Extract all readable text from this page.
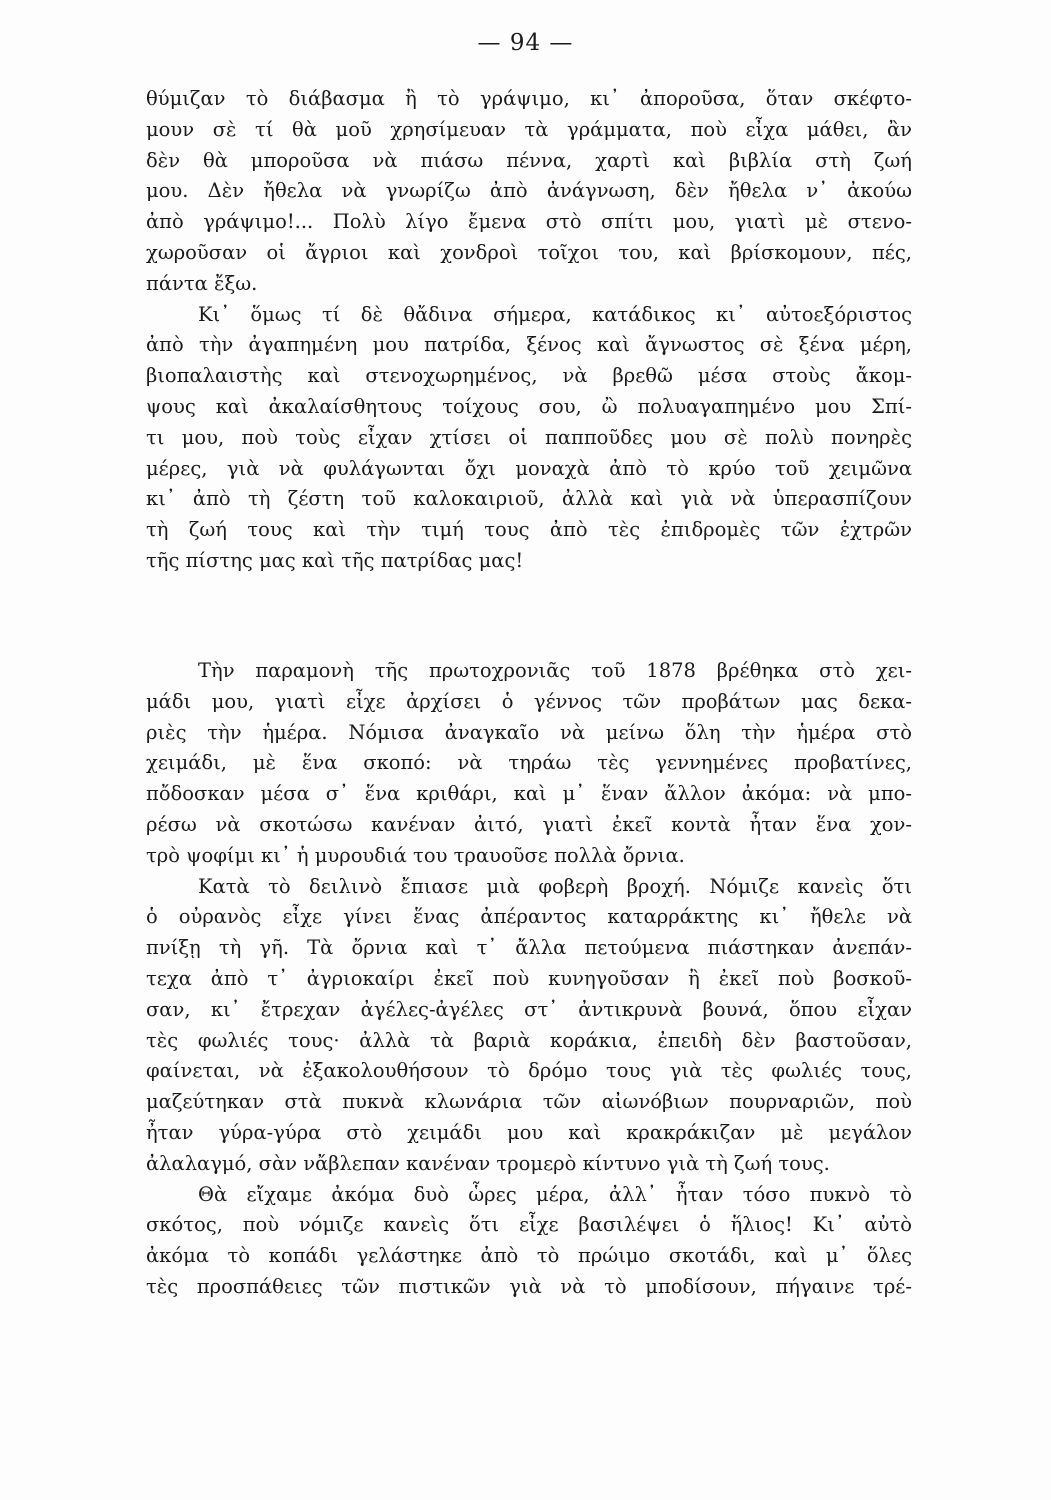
— 94 —
θύμιζαν τὸ διάβασμα ἢ τὸ γράψιμο, κι᾽ ἀποροῦσα, ὅταν σκέφτο-
μουν σὲ τί θὰ μοῦ χρησίμευαν τὰ γράμματα, ποὺ εἶχα μάθει, ἂν
δὲν θὰ μποροῦσα νὰ πιάσω πέννα, χαρτὶ καὶ βιβλία στὴ ζωή
μου. Δὲν ἤθελα νὰ γνωρίζω ἀπὸ ἀνάγνωση, δὲν ἤθελα ν᾽ ἀκούω
ἀπὸ γράψιμο!... Πολὺ λίγο ἔμενα στὸ σπίτι μου, γιατὶ μὲ στενο-
χωροῦσαν οἱ ἄγριοι καὶ χονδροὶ τοῖχοι του, καὶ βρίσκομουν, πές,
πάντα ἔξω.
Κι᾽ ὅμως τί δὲ θἄδινα σήμερα, κατάδικος κι᾽ αὐτοεξόριστος
ἀπὸ τὴν ἀγαπημένη μου πατρίδα, ξένος καὶ ἄγνωστος σὲ ξένα μέρη,
βιοπαλαιστὴς καὶ στενοχωρημένος, νὰ βρεθῶ μέσα στοὺς ἄκομ-
ψους καὶ ἀκαλαίσθητους τοίχους σου, ὢ πολυαγαπημένο μου Σπί-
τι μου, ποὺ τοὺς εἶχαν χτίσει οἱ παπποῦδες μου σὲ πολὺ πονηρὲς
μέρες, γιὰ νὰ φυλάγωνται ὄχι μοναχὰ ἀπὸ τὸ κρύο τοῦ χειμῶνα
κι᾽ ἀπὸ τὴ ζέστη τοῦ καλοκαιριοῦ, ἀλλὰ καὶ γιὰ νὰ ὑπερασπίζουν
τὴ ζωή τους καὶ τὴν τιμή τους ἀπὸ τὲς ἐπιδρομὲς τῶν ἐχτρῶν
τῆς πίστης μας καὶ τῆς πατρίδας μας!
Τὴν παραμονὴ τῆς πρωτοχρονιᾶς τοῦ 1878 βρέθηκα στὸ χει-
μάδι μου, γιατὶ εἶχε ἀρχίσει ὁ γέννος τῶν προβάτων μας δεκα-
ριὲς τὴν ἡμέρα. Νόμισα ἀναγκαῖο νὰ μείνω ὅλη τὴν ἡμέρα στὸ
χειμάδι, μὲ ἕνα σκοπό: νὰ τηράω τὲς γεννημένες προβατίνες,
πὄδοσκαν μέσα σ᾽ ἕνα κριθάρι, καὶ μ᾽ ἕναν ἄλλον ἀκόμα: νὰ μπο-
ρέσω νὰ σκοτώσω κανέναν ἀιτό, γιατὶ ἐκεῖ κοντὰ ἦταν ἕνα χον-
τρὸ ψοφίμι κι᾽ ἡ μυρουδιά του τραυοῦσε πολλὰ ὄρνια.
Κατὰ τὸ δειλινὸ ἔπιασε μιὰ φοβερὴ βροχή. Νόμιζε κανεὶς ὅτι
ὁ οὐρανὸς εἶχε γίνει ἕνας ἀπέραντος καταρράκτης κι᾽ ἤθελε νὰ
πνίξῃ τὴ γῆ. Τὰ ὄρνια καὶ τ᾽ ἄλλα πετούμενα πιάστηκαν ἀνεπάν-
τεχα ἀπὸ τ᾽ ἀγριοκαίρι ἐκεῖ ποὺ κυνηγοῦσαν ἢ ἐκεῖ ποὺ βοσκοῦ-
σαν, κι᾽ ἔτρεχαν ἀγέλες-ἀγέλες στ᾽ ἀντικρυνὰ βουνά, ὅπου εἶχαν
τὲς φωλιές τους· ἀλλὰ τὰ βαριὰ κοράκια, ἐπειδὴ δὲν βαστοῦσαν,
φαίνεται, νὰ ἐξακολουθήσουν τὸ δρόμο τους γιὰ τὲς φωλιές τους,
μαζεύτηκαν στὰ πυκνὰ κλωνάρια τῶν αἰωνόβιων πουρναριῶν, ποὺ
ἦταν γύρα-γύρα στὸ χειμάδι μου καὶ κρακράκιζαν μὲ μεγάλον
ἀλαλαγμό, σὰν νἄβλεπαν κανέναν τρομερὸ κίντυνο γιὰ τὴ ζωή τους.
Θὰ εἴχαμε ἀκόμα δυὸ ὧρες μέρα, ἀλλ᾽ ἦταν τόσο πυκνὸ τὸ
σκότος, ποὺ νόμιζε κανεὶς ὅτι εἶχε βασιλέψει ὁ ἥλιος! Κι᾽ αὐτὸ
ἀκόμα τὸ κοπάδι γελάστηκε ἀπὸ τὸ πρώιμο σκοτάδι, καὶ μ᾽ ὅλες
τὲς προσπάθειες τῶν πιστικῶν γιὰ νὰ τὸ μποδίσουν, πήγαινε τρέ-
